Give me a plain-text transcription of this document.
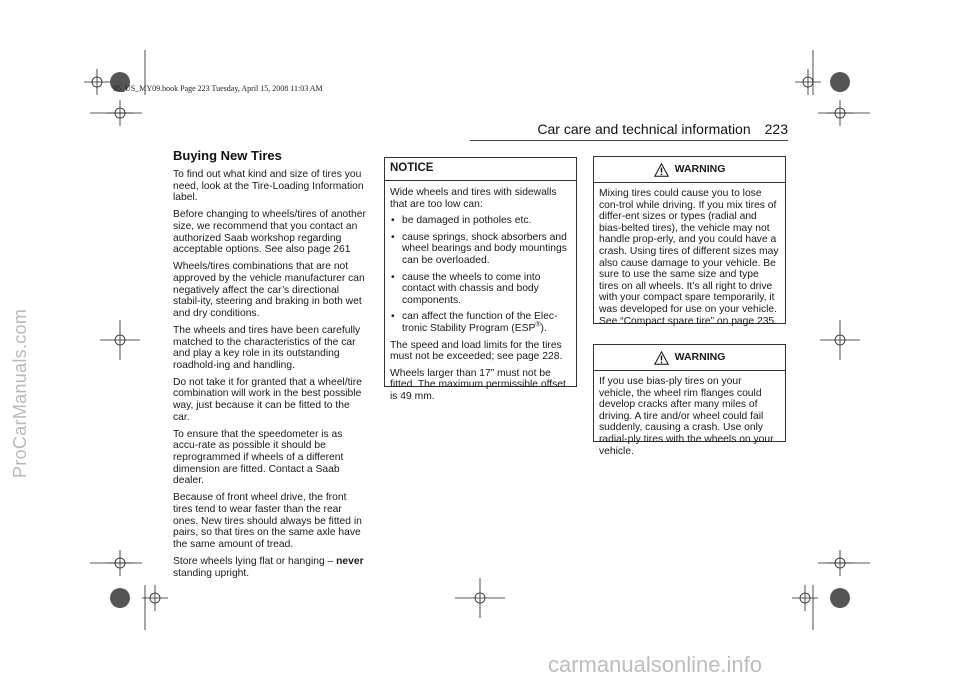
95_US_MY09.book Page 223 Tuesday, April 15, 2008 11:03 AM
Car care and technical information 223
ProCarManuals.com
Buying New Tires

To find out what kind and size of tires you need, look at the Tire-Loading Information label.

Before changing to wheels/tires of another size, we recommend that you contact an authorized Saab workshop regarding acceptable options. See also page 261

Wheels/tires combinations that are not approved by the vehicle manufacturer can negatively affect the car’s directional stabil-ity, steering and braking in both wet and dry conditions.

The wheels and tires have been carefully matched to the characteristics of the car and play a key role in its outstanding roadhold-ing and handling.

Do not take it for granted that a wheel/tire combination will work in the best possible way, just because it can be fitted to the car.

To ensure that the speedometer is as accu-rate as possible it should be reprogrammed if wheels of a different dimension are fitted. Contact a Saab dealer.

Because of front wheel drive, the front tires tend to wear faster than the rear ones. New tires should always be fitted in pairs, so that tires on the same axle have the same amount of tread.

Store wheels lying flat or hanging – never standing upright.

NOTICE

Wide wheels and tires with sidewalls that are too low can:

• be damaged in potholes etc.
• cause springs, shock absorbers and wheel bearings and body mountings can be overloaded.
• cause the wheels to come into contact with chassis and body components.
• can affect the function of the Elec-tronic Stability Program (ESP®).

The speed and load limits for the tires must not be exceeded; see page 228.

Wheels larger than 17” must not be fitted. The maximum permissible offset is 49 mm.

WARNING
Mixing tires could cause you to lose con-trol while driving. If you mix tires of differ-ent sizes or types (radial and bias-belted tires), the vehicle may not handle prop-erly, and you could have a crash. Using tires of different sizes may also cause damage to your vehicle. Be sure to use the same size and type tires on all wheels. It’s all right to drive with your compact spare temporarily, it was developed for use on your vehicle. See “Compact spare tire” on page 235.
WARNING
If you use bias-ply tires on your vehicle, the wheel rim flanges could develop cracks after many miles of driving. A tire and/or wheel could fail suddenly, causing a crash. Use only radial-ply tires with the wheels on your vehicle.
carmanualsonline.info
